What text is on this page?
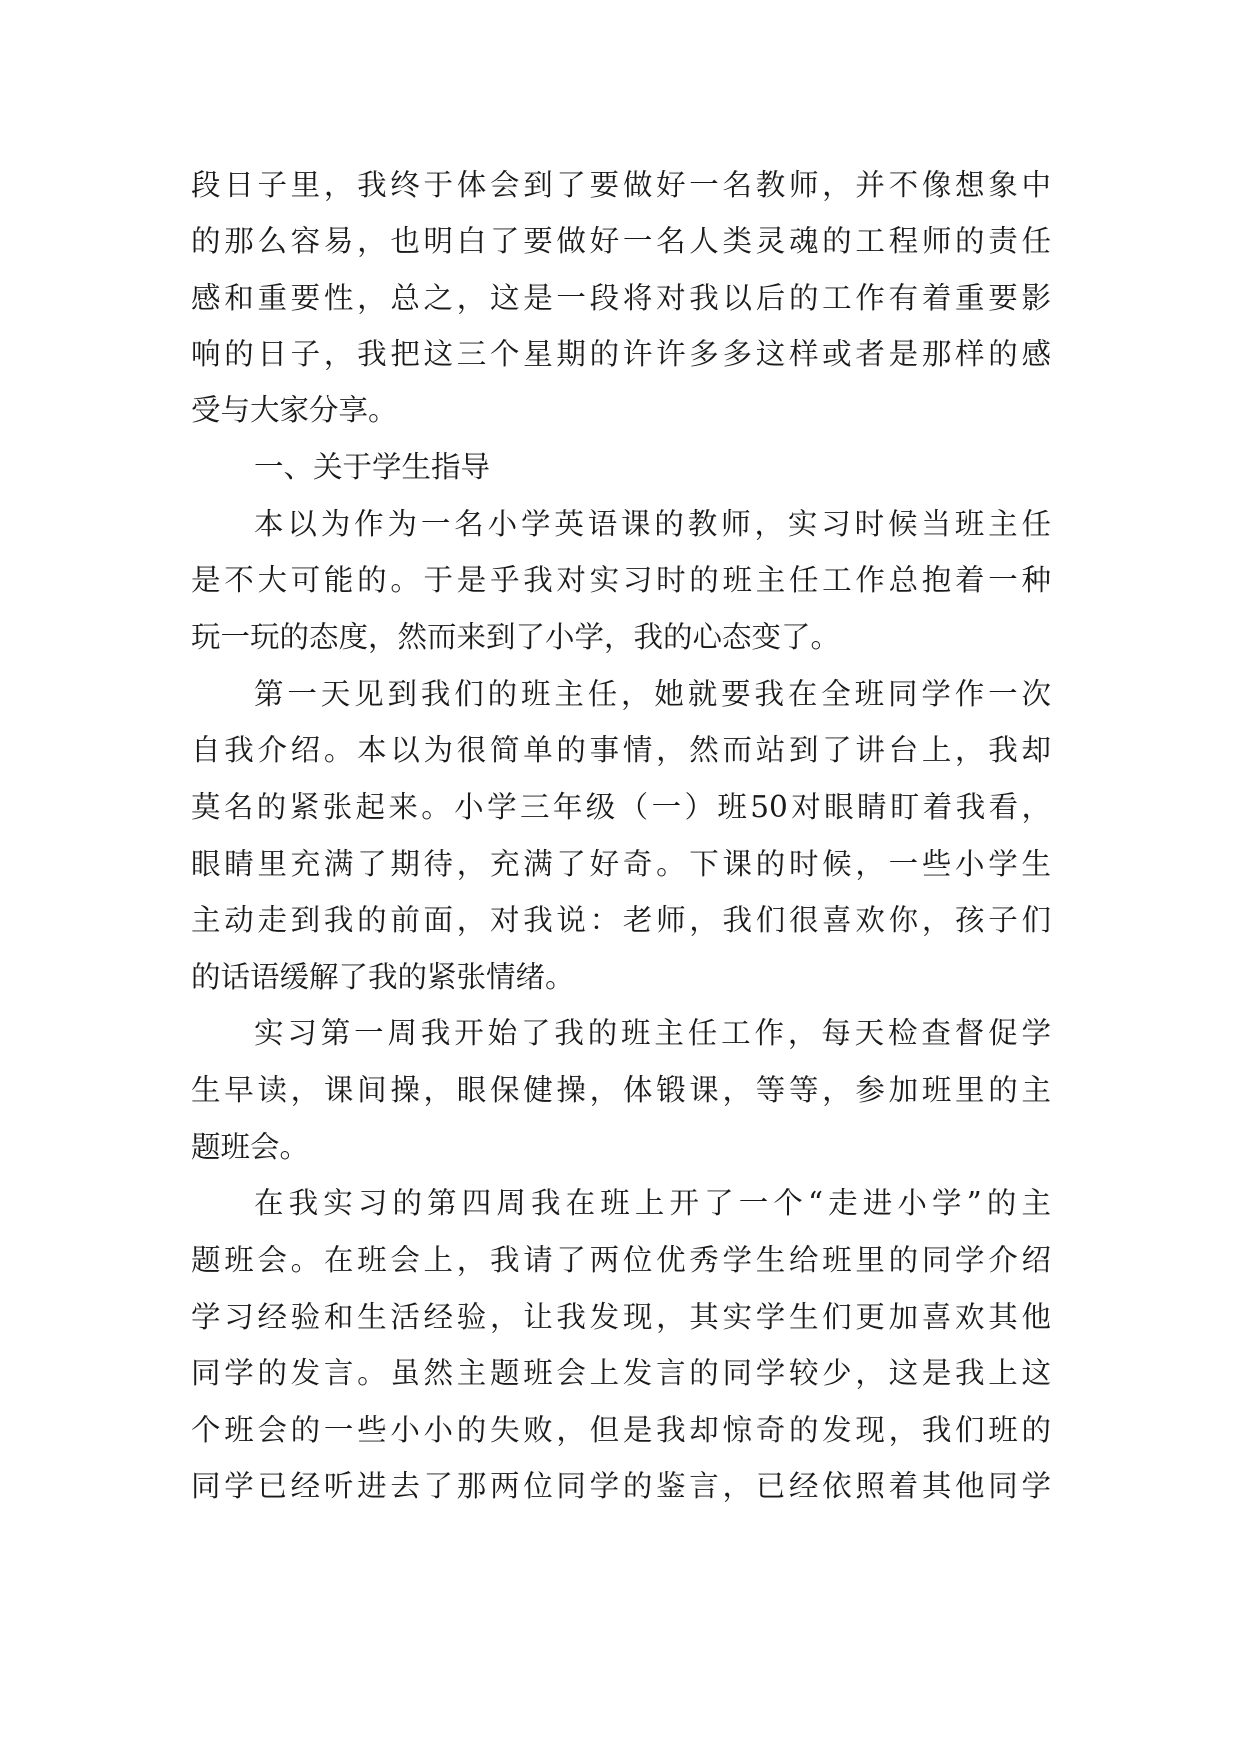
段日子里，我终于体会到了要做好一名教师，并不像想象中
的那么容易，也明白了要做好一名人类灵魂的工程师的责任
感和重要性，总之，这是一段将对我以后的工作有着重要影
响的日子，我把这三个星期的许许多多这样或者是那样的感
受与大家分享。
一、关于学生指导
本以为作为一名小学英语课的教师，实习时候当班主任
是不大可能的。于是乎我对实习时的班主任工作总抱着一种
玩一玩的态度，然而来到了小学，我的心态变了。
第一天见到我们的班主任，她就要我在全班同学作一次
自我介绍。本以为很简单的事情，然而站到了讲台上，我却
莫名的紧张起来。小学三年级（一）班50对眼睛盯着我看，
眼睛里充满了期待，充满了好奇。下课的时候，一些小学生
主动走到我的前面，对我说：老师，我们很喜欢你，孩子们
的话语缓解了我的紧张情绪。
实习第一周我开始了我的班主任工作，每天检查督促学
生早读，课间操，眼保健操，体锻课，等等，参加班里的主
题班会。
在我实习的第四周我在班上开了一个“走进小学”的主
题班会。在班会上，我请了两位优秀学生给班里的同学介绍
学习经验和生活经验，让我发现，其实学生们更加喜欢其他
同学的发言。虽然主题班会上发言的同学较少，这是我上这
个班会的一些小小的失败，但是我却惊奇的发现，我们班的
同学已经听进去了那两位同学的鉴言，已经依照着其他同学
